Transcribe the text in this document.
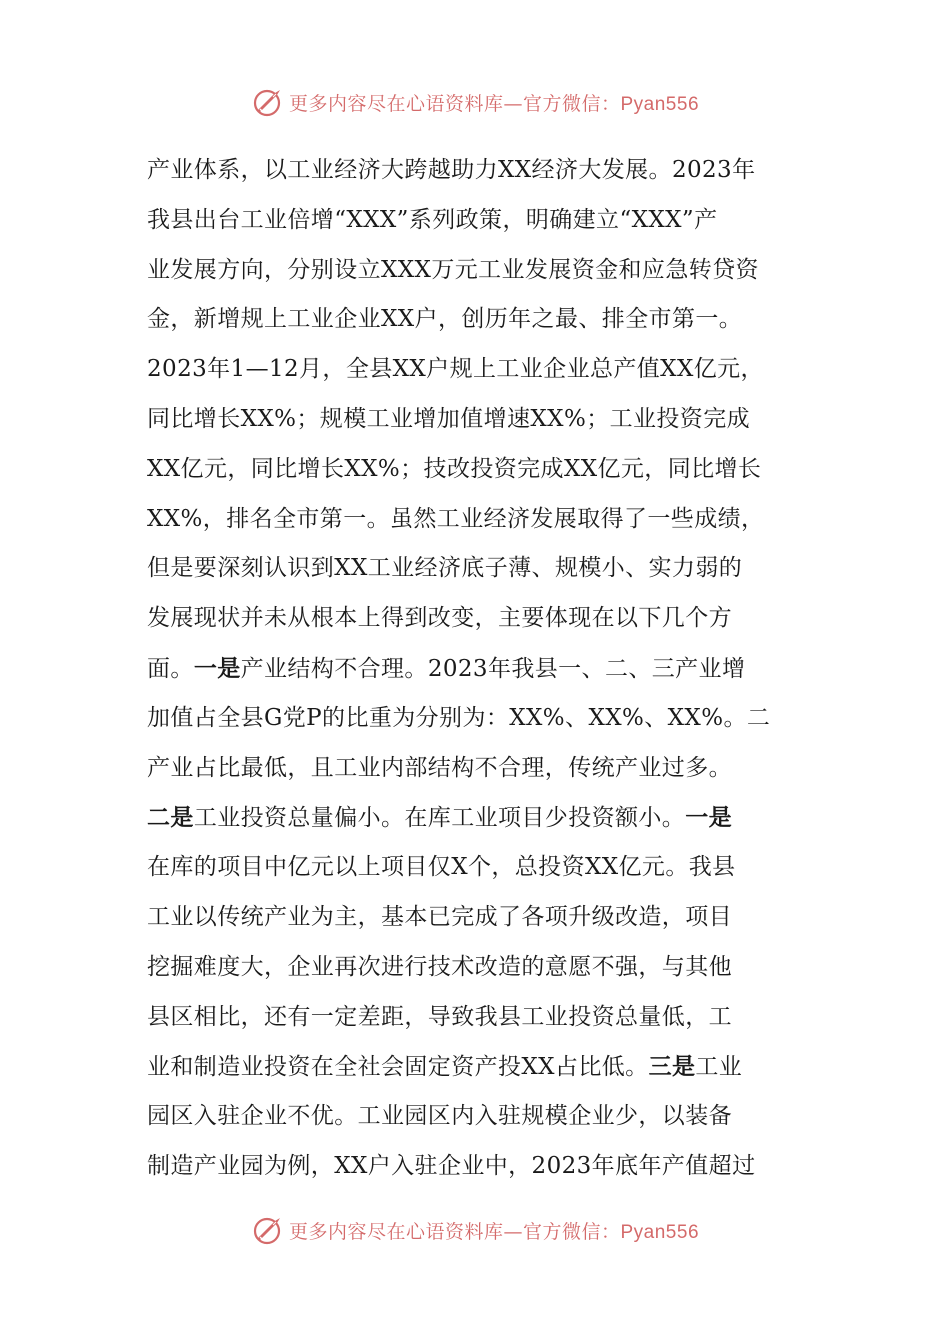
更多内容尽在心语资料库—官方微信：Pyan556
产业体系，以工业经济大跨越助力XX经济大发展。2023年
我县出台工业倍增“XXX”系列政策，明确建立“XXX”产
业发展方向，分别设立XXX万元工业发展资金和应急转贷资
金，新增规上工业企业XX户，创历年之最、排全市第一。
2023年1—12月，全县XX户规上工业企业总产值XX亿元，
同比增长XX%；规模工业增加值增速XX%；工业投资完成
XX亿元，同比增长XX%；技改投资完成XX亿元，同比增长
XX%，排名全市第一。虽然工业经济发展取得了一些成绩，
但是要深刻认识到XX工业经济底子薄、规模小、实力弱的
发展现状并未从根本上得到改变，主要体现在以下几个方
面。一是产业结构不合理。2023年我县一、二、三产业增
加值占全县G党P的比重为分别为：XX%、XX%、XX%。二
产业占比最低，且工业内部结构不合理，传统产业过多。
二是工业投资总量偏小。在库工业项目少投资额小。一是
在库的项目中亿元以上项目仅X个，总投资XX亿元。我县
工业以传统产业为主，基本已完成了各项升级改造，项目
挖掘难度大，企业再次进行技术改造的意愿不强，与其他
县区相比，还有一定差距，导致我县工业投资总量低，工
业和制造业投资在全社会固定资产投XX占比低。三是工业
园区入驻企业不优。工业园区内入驻规模企业少，以装备
制造产业园为例，XX户入驻企业中，2023年底年产值超过
更多内容尽在心语资料库—官方微信：Pyan556
